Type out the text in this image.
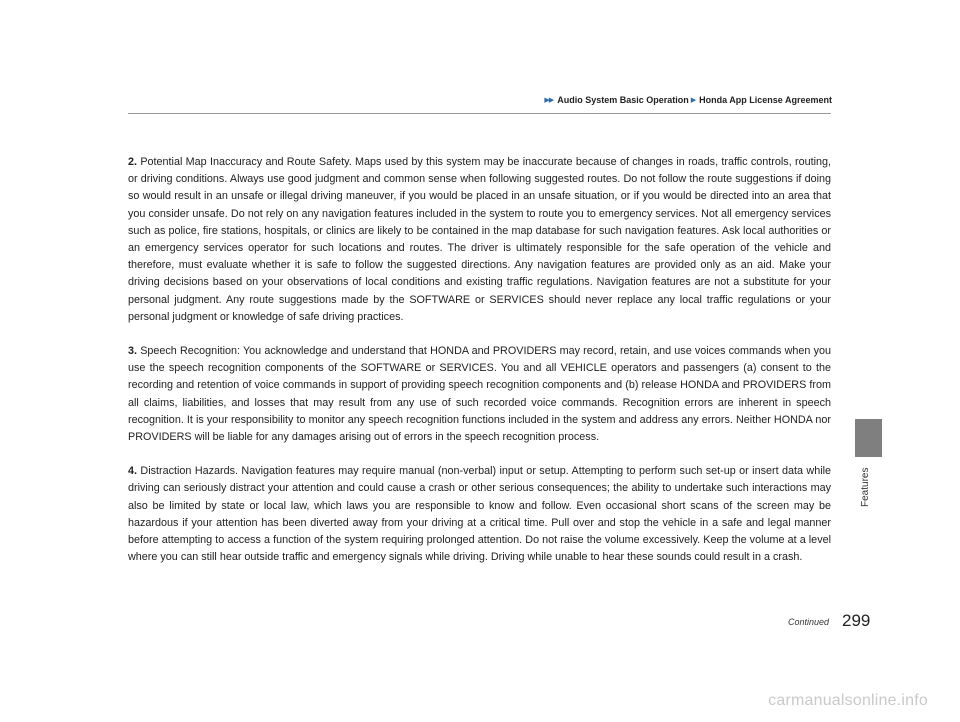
▶▶ Audio System Basic Operation ▶ Honda App License Agreement
Features

2. Potential Map Inaccuracy and Route Safety. Maps used by this system may be inaccurate because of changes in roads, traffic controls, routing, or driving conditions. Always use good judgment and common sense when following suggested routes. Do not follow the route suggestions if doing so would result in an unsafe or illegal driving maneuver, if you would be placed in an unsafe situation, or if you would be directed into an area that you consider unsafe. Do not rely on any navigation features included in the system to route you to emergency services. Not all emergency services such as police, fire stations, hospitals, or clinics are likely to be contained in the map database for such navigation features. Ask local authorities or an emergency services operator for such locations and routes. The driver is ultimately responsible for the safe operation of the vehicle and therefore, must evaluate whether it is safe to follow the suggested directions. Any navigation features are provided only as an aid. Make your driving decisions based on your observations of local conditions and existing traffic regulations. Navigation features are not a substitute for your personal judgment. Any route suggestions made by the SOFTWARE or SERVICES should never replace any local traffic regulations or your personal judgment or knowledge of safe driving practices.

3. Speech Recognition: You acknowledge and understand that HONDA and PROVIDERS may record, retain, and use voices commands when you use the speech recognition components of the SOFTWARE or SERVICES. You and all VEHICLE operators and passengers (a) consent to the recording and retention of voice commands in support of providing speech recognition components and (b) release HONDA and PROVIDERS from all claims, liabilities, and losses that may result from any use of such recorded voice commands. Recognition errors are inherent in speech recognition. It is your responsibility to monitor any speech recognition functions included in the system and address any errors. Neither HONDA nor PROVIDERS will be liable for any damages arising out of errors in the speech recognition process.

4. Distraction Hazards. Navigation features may require manual (non-verbal) input or setup. Attempting to perform such set-up or insert data while driving can seriously distract your attention and could cause a crash or other serious consequences; the ability to undertake such interactions may also be limited by state or local law, which laws you are responsible to know and follow. Even occasional short scans of the screen may be hazardous if your attention has been diverted away from your driving at a critical time. Pull over and stop the vehicle in a safe and legal manner before attempting to access a function of the system requiring prolonged attention. Do not raise the volume excessively. Keep the volume at a level where you can still hear outside traffic and emergency signals while driving. Driving while unable to hear these sounds could result in a crash.

Continued 299
carmanualsonline.info
